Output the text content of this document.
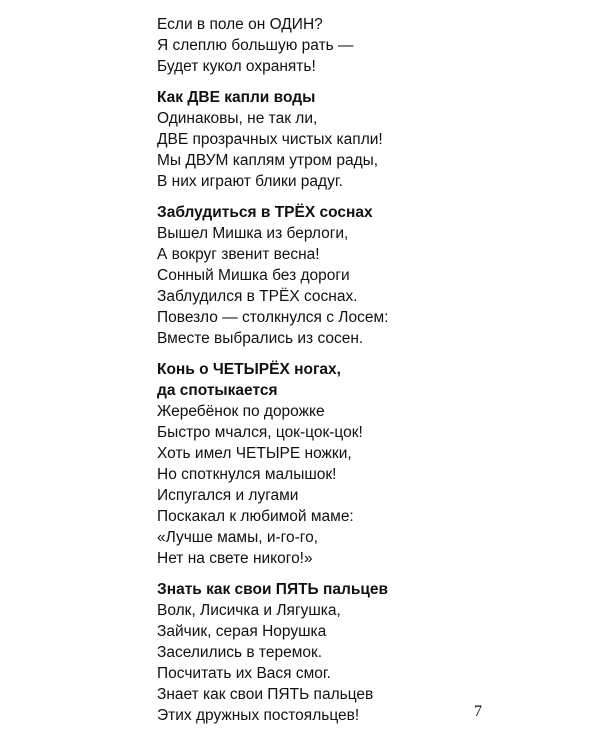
Если в поле он ОДИН?
Я слеплю большую рать —
Будет кукол охранять!
Как ДВЕ капли воды
Одинаковы, не так ли,
ДВЕ прозрачных чистых капли!
Мы ДВУМ каплям утром рады,
В них играют блики радуг.
Заблудиться в ТРЁХ соснах
Вышел Мишка из берлоги,
А вокруг звенит весна!
Сонный Мишка без дороги
Заблудился в ТРЁХ соснах.
Повезло — столкнулся с Лосем:
Вместе выбрались из сосен.
Конь о ЧЕТЫРЁХ ногах,
да спотыкается
Жеребёнок по дорожке
Быстро мчался, цок-цок-цок!
Хоть имел ЧЕТЫРЕ ножки,
Но споткнулся малышок!
Испугался и лугами
Поскакал к любимой маме:
«Лучше мамы, и-го-го,
Нет на свете никого!»
Знать как свои ПЯТЬ пальцев
Волк, Лисичка и Лягушка,
Зайчик, серая Норушка
Заселились в теремок.
Посчитать их Вася смог.
Знает как свои ПЯТЬ пальцев
Этих дружных постояльцев!	7
